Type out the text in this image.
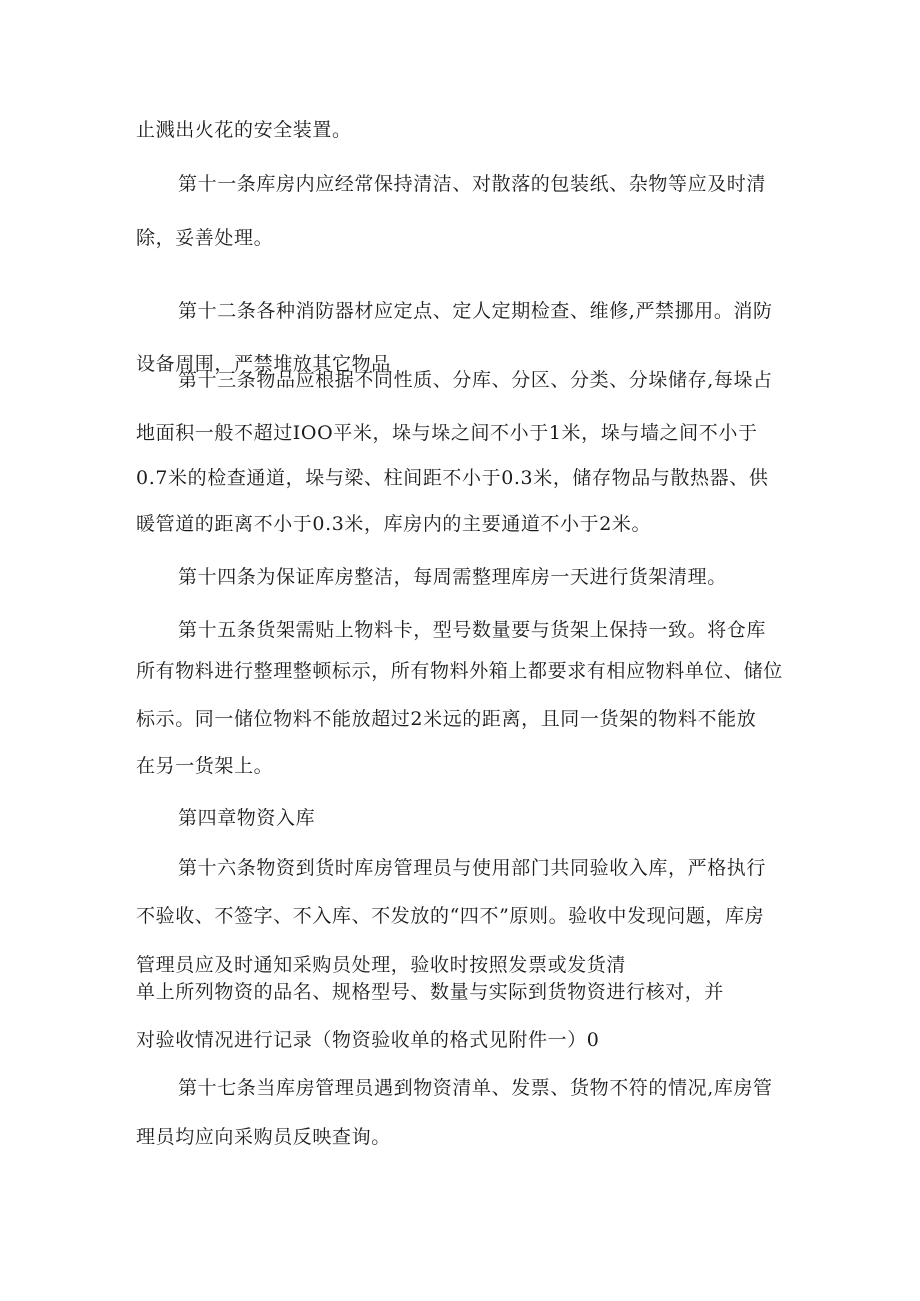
止溅出火花的安全装置。
第十一条库房内应经常保持清洁、对散落的包装纸、杂物等应及时清
除，妥善处理。
第十二条各种消防器材应定点、定人定期检查、维修,严禁挪用。消防
设备周围，严禁堆放其它物品
第十三条物品应根据不同性质、分库、分区、分类、分垛储存,每垛占
地面积一般不超过IOO平米，垛与垛之间不小于1米，垛与墙之间不小于
0.7米的检查通道，垛与梁、柱间距不小于0.3米，储存物品与散热器、供
暖管道的距离不小于0.3米，库房内的主要通道不小于2米。
第十四条为保证库房整洁，每周需整理库房一天进行货架清理。
第十五条货架需贴上物料卡，型号数量要与货架上保持一致。将仓库
所有物料进行整理整顿标示，所有物料外箱上都要求有相应物料单位、储位
标示。同一储位物料不能放超过2米远的距离，且同一货架的物料不能放
在另一货架上。
第四章物资入库
第十六条物资到货时库房管理员与使用部门共同验收入库，严格执行
不验收、不签字、不入库、不发放的“四不”原则。验收中发现问题，库房
管理员应及时通知采购员处理，验收时按照发票或发货清
单上所列物资的品名、规格型号、数量与实际到货物资进行核对，并
对验收情况进行记录（物资验收单的格式见附件一）0
第十七条当库房管理员遇到物资清单、发票、货物不符的情况,库房管
理员均应向采购员反映查询。
